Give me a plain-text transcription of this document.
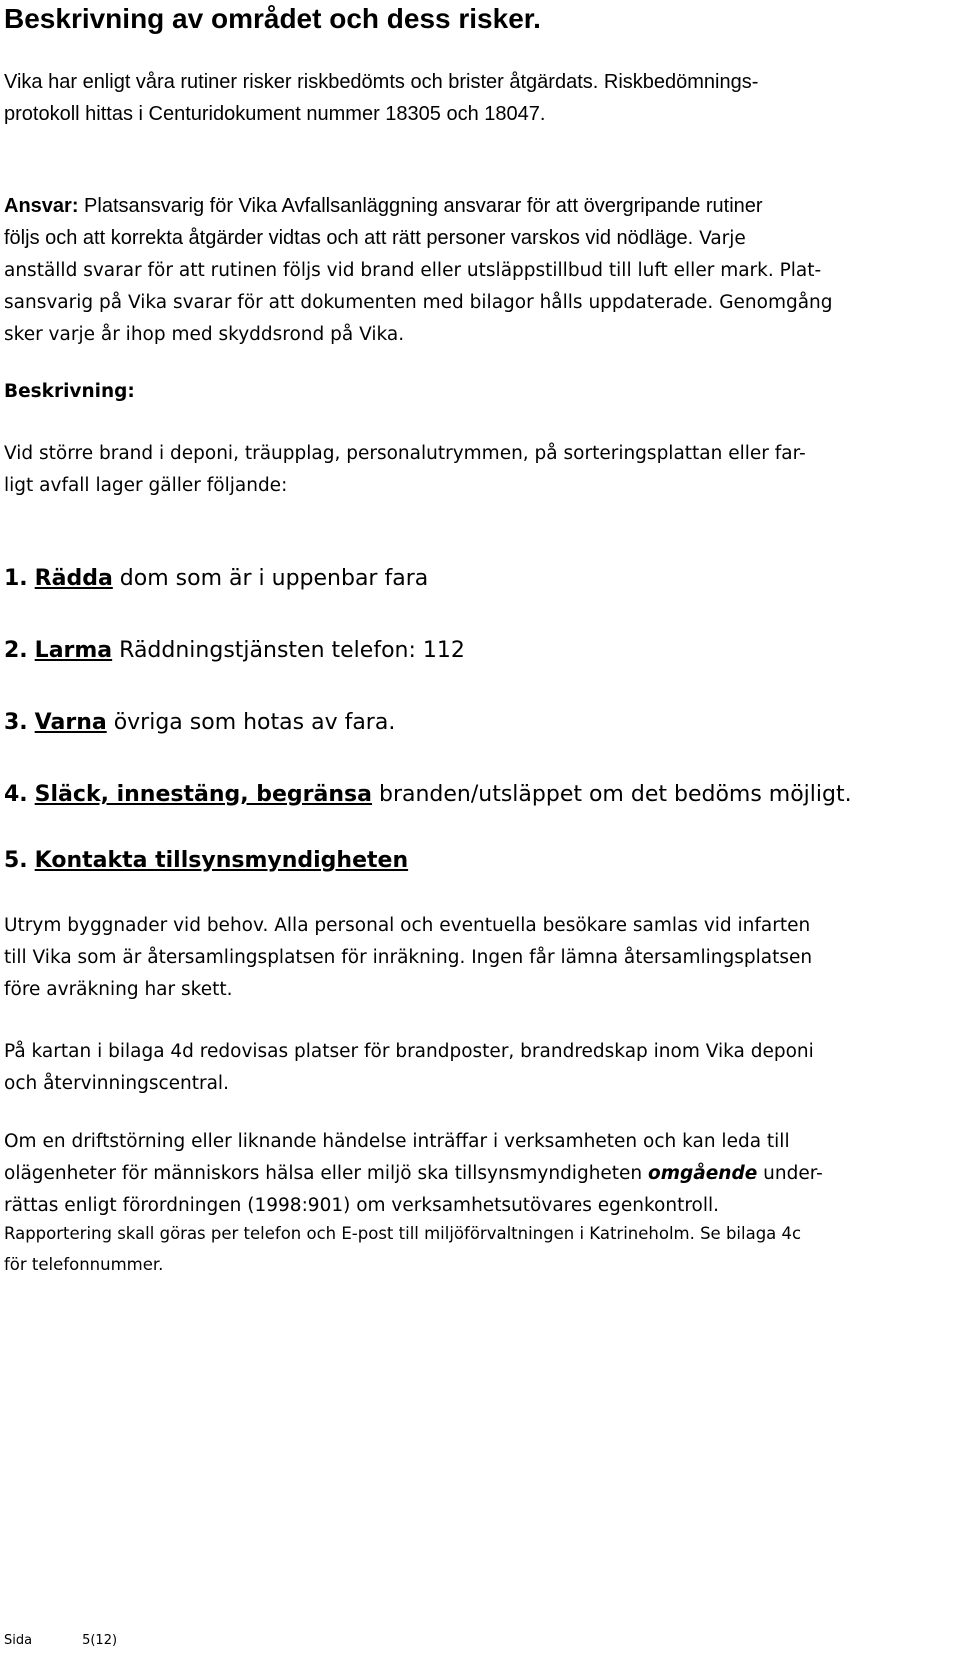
Beskrivning av området och dess risker.

Vika har enligt våra rutiner risker riskbedömts och brister åtgärdats. Riskbedömnings-
protokoll hittas i Centuridokument nummer 18305 och 18047.

Ansvar: Platsansvarig för Vika Avfallsanläggning ansvarar för att övergripande rutiner
följs och att korrekta åtgärder vidtas och att rätt personer varskos vid nödläge. Varje
anställd svarar för att rutinen följs vid brand eller utsläppstillbud till luft eller mark. Plat-
sansvarig på Vika svarar för att dokumenten med bilagor hålls uppdaterade. Genomgång
sker varje år ihop med skyddsrond på Vika.

Beskrivning:

Vid större brand i deponi, träupplag, personalutrymmen, på sorteringsplattan eller far-
ligt avfall lager gäller följande:

1. Rädda dom som är i uppenbar fara

2. Larma Räddningstjänsten telefon: 112

3. Varna övriga som hotas av fara.

4. Släck, innestäng, begränsa branden/utsläppet om det bedöms möjligt.

5. Kontakta tillsynsmyndigheten

Utrym byggnader vid behov. Alla personal och eventuella besökare samlas vid infarten
till Vika som är återsamlingsplatsen för inräkning. Ingen får lämna återsamlingsplatsen
före avräkning har skett.

På kartan i bilaga 4d redovisas platser för brandposter, brandredskap inom Vika deponi
och återvinningscentral.

Om en driftstörning eller liknande händelse inträffar i verksamheten och kan leda till
olägenheter för människors hälsa eller miljö ska tillsynsmyndigheten omgående under-
rättas enligt förordningen (1998:901) om verksamhetsutövares egenkontroll.

Rapportering skall göras per telefon och E-post till miljöförvaltningen i Katrineholm. Se bilaga 4c
för telefonnummer.

Sida	5(12)
